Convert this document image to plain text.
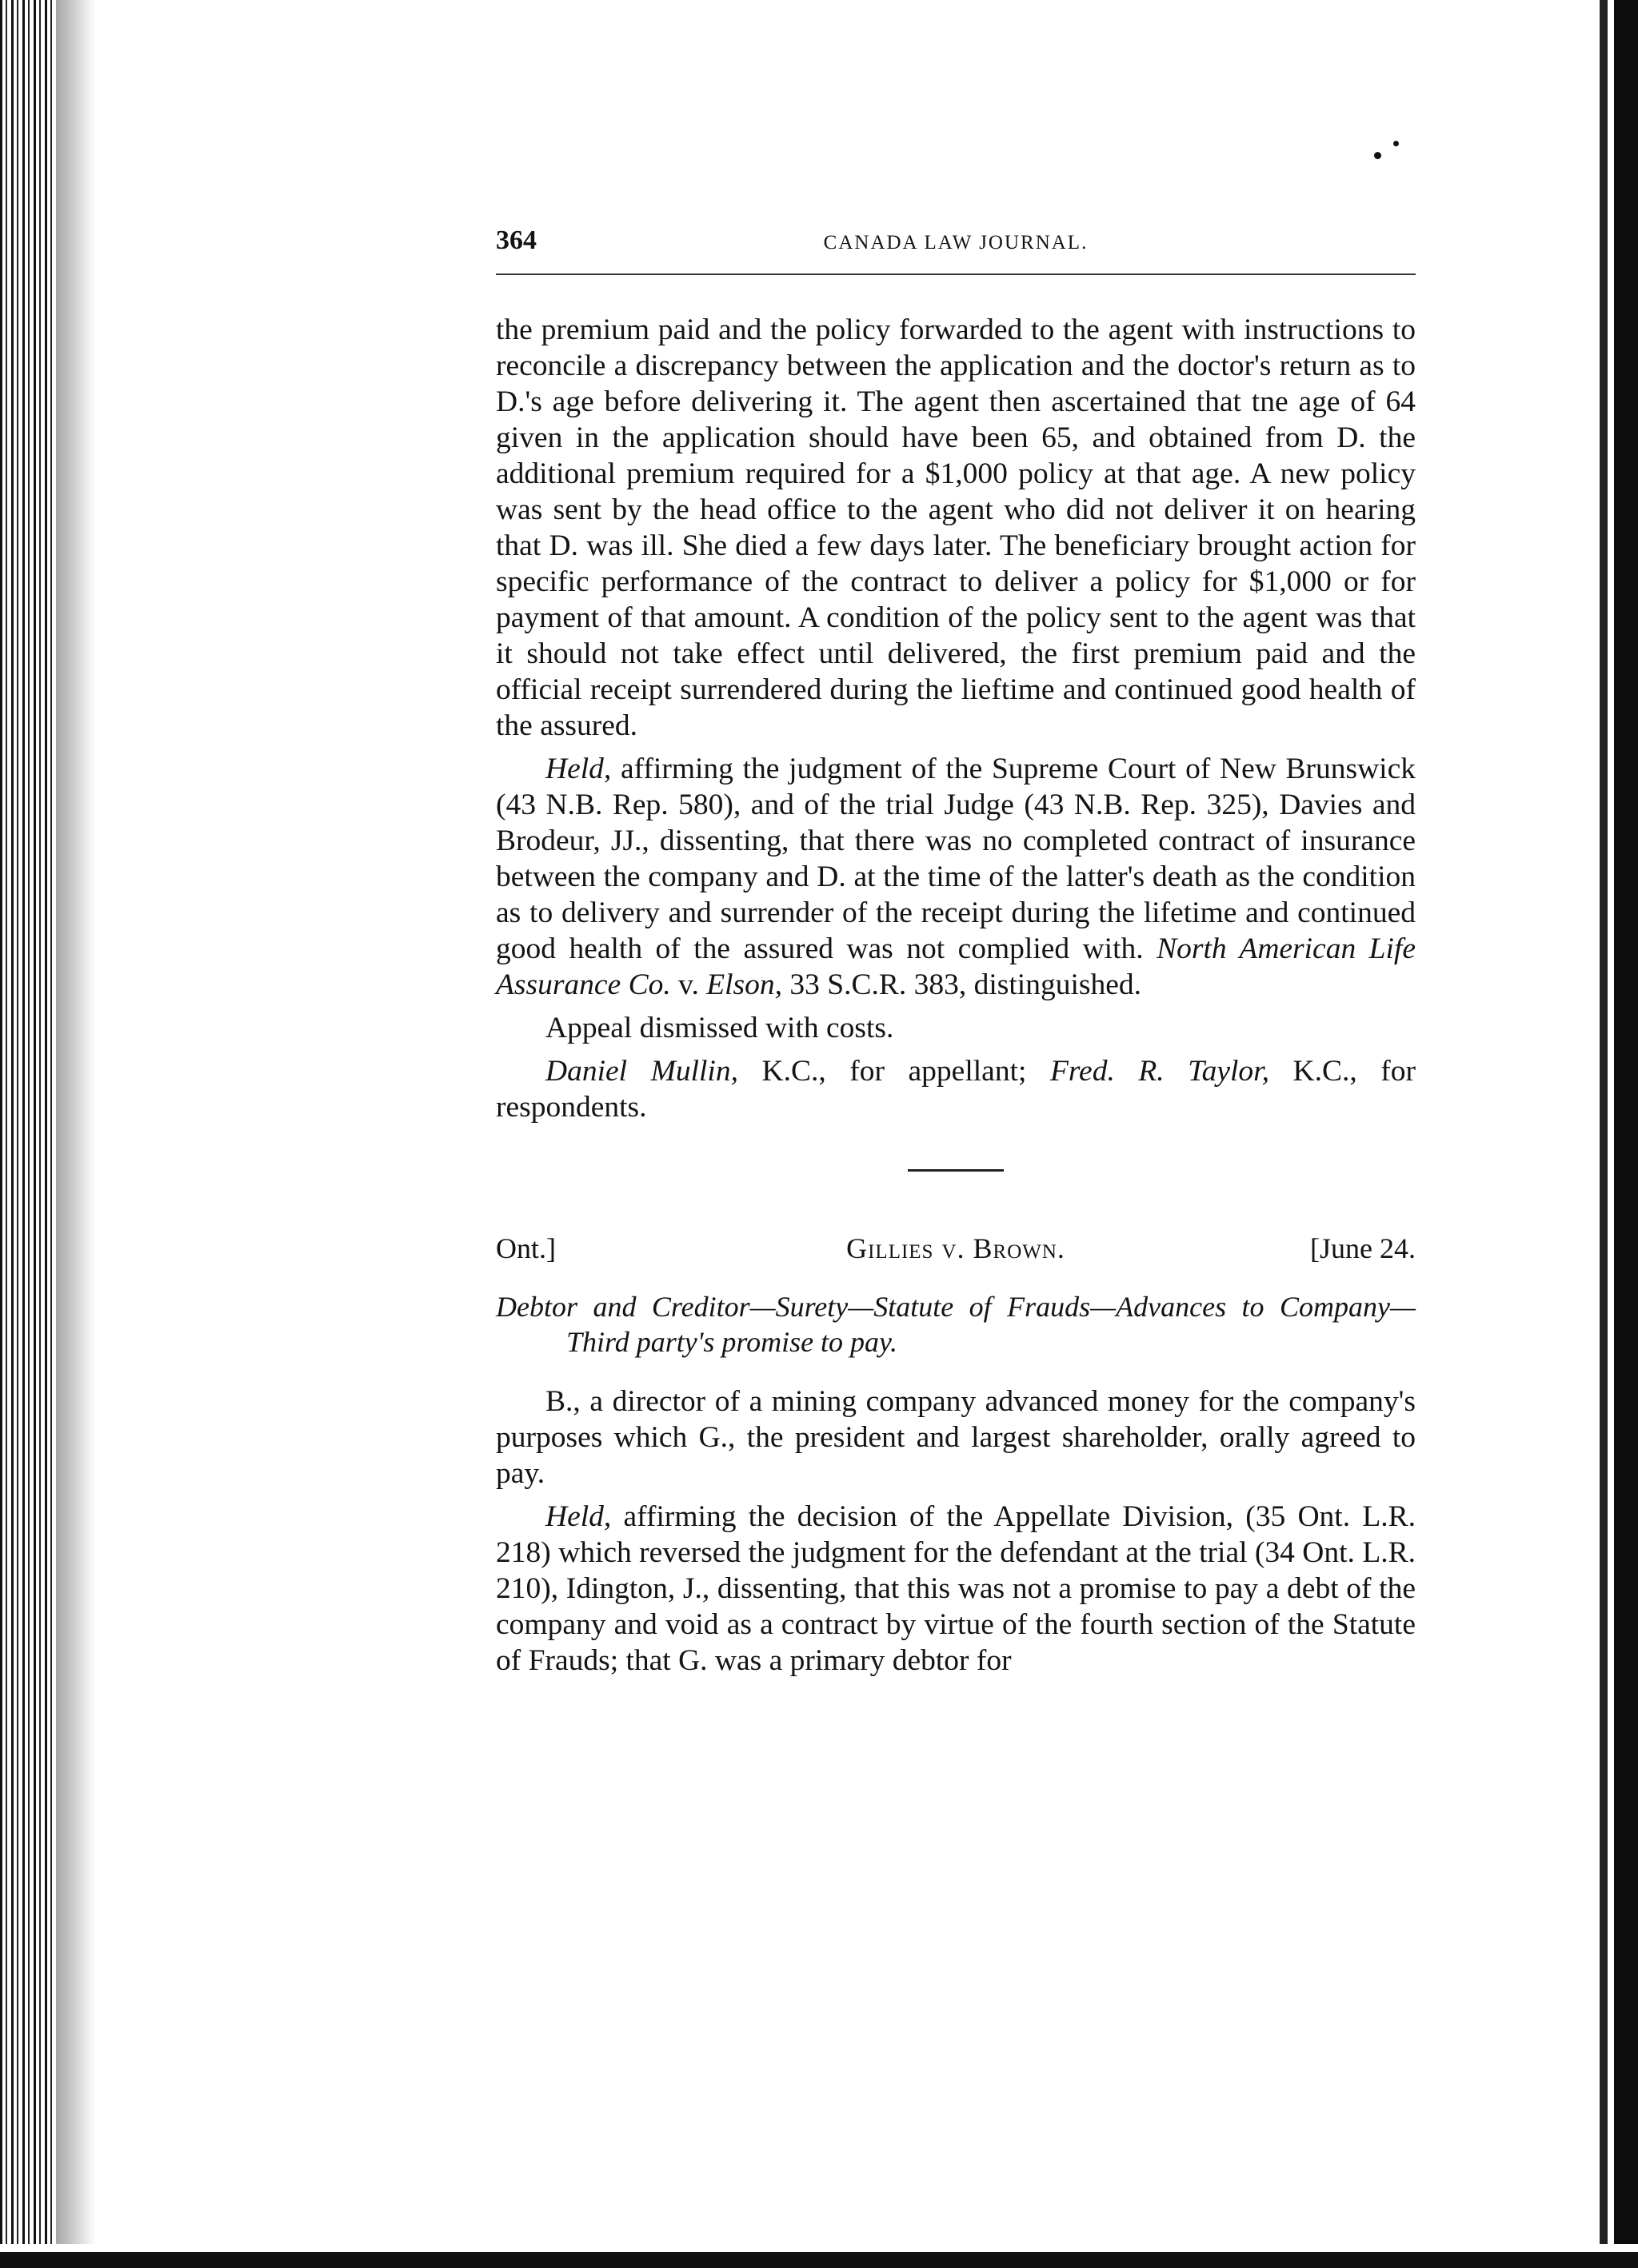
364	CANADA LAW JOURNAL.

the premium paid and the policy forwarded to the agent with instructions to reconcile a discrepancy between the application and the doctor's return as to D.'s age before delivering it. The agent then ascertained that tne age of 64 given in the application should have been 65, and obtained from D. the additional premium required for a $1,000 policy at that age. A new policy was sent by the head office to the agent who did not deliver it on hearing that D. was ill. She died a few days later. The beneficiary brought action for specific performance of the contract to deliver a policy for $1,000 or for payment of that amount. A condition of the policy sent to the agent was that it should not take effect until delivered, the first premium paid and the official receipt surrendered during the lieftime and continued good health of the assured.

Held, affirming the judgment of the Supreme Court of New Brunswick (43 N.B. Rep. 580), and of the trial Judge (43 N.B. Rep. 325), Davies and Brodeur, JJ., dissenting, that there was no completed contract of insurance between the company and D. at the time of the latter's death as the condition as to delivery and surrender of the receipt during the lifetime and continued good health of the assured was not complied with. North American Life Assurance Co. v. Elson, 33 S.C.R. 383, distinguished.

Appeal dismissed with costs.

Daniel Mullin, K.C., for appellant; Fred. R. Taylor, K.C., for respondents.

Ont.]	Gillies v. Brown.	[June 24.
Debtor and Creditor—Surety—Statute of Frauds—Advances to Company—Third party's promise to pay.

B., a director of a mining company advanced money for the company's purposes which G., the president and largest shareholder, orally agreed to pay.

Held, affirming the decision of the Appellate Division, (35 Ont. L.R. 218) which reversed the judgment for the defendant at the trial (34 Ont. L.R. 210), Idington, J., dissenting, that this was not a promise to pay a debt of the company and void as a contract by virtue of the fourth section of the Statute of Frauds; that G. was a primary debtor for
